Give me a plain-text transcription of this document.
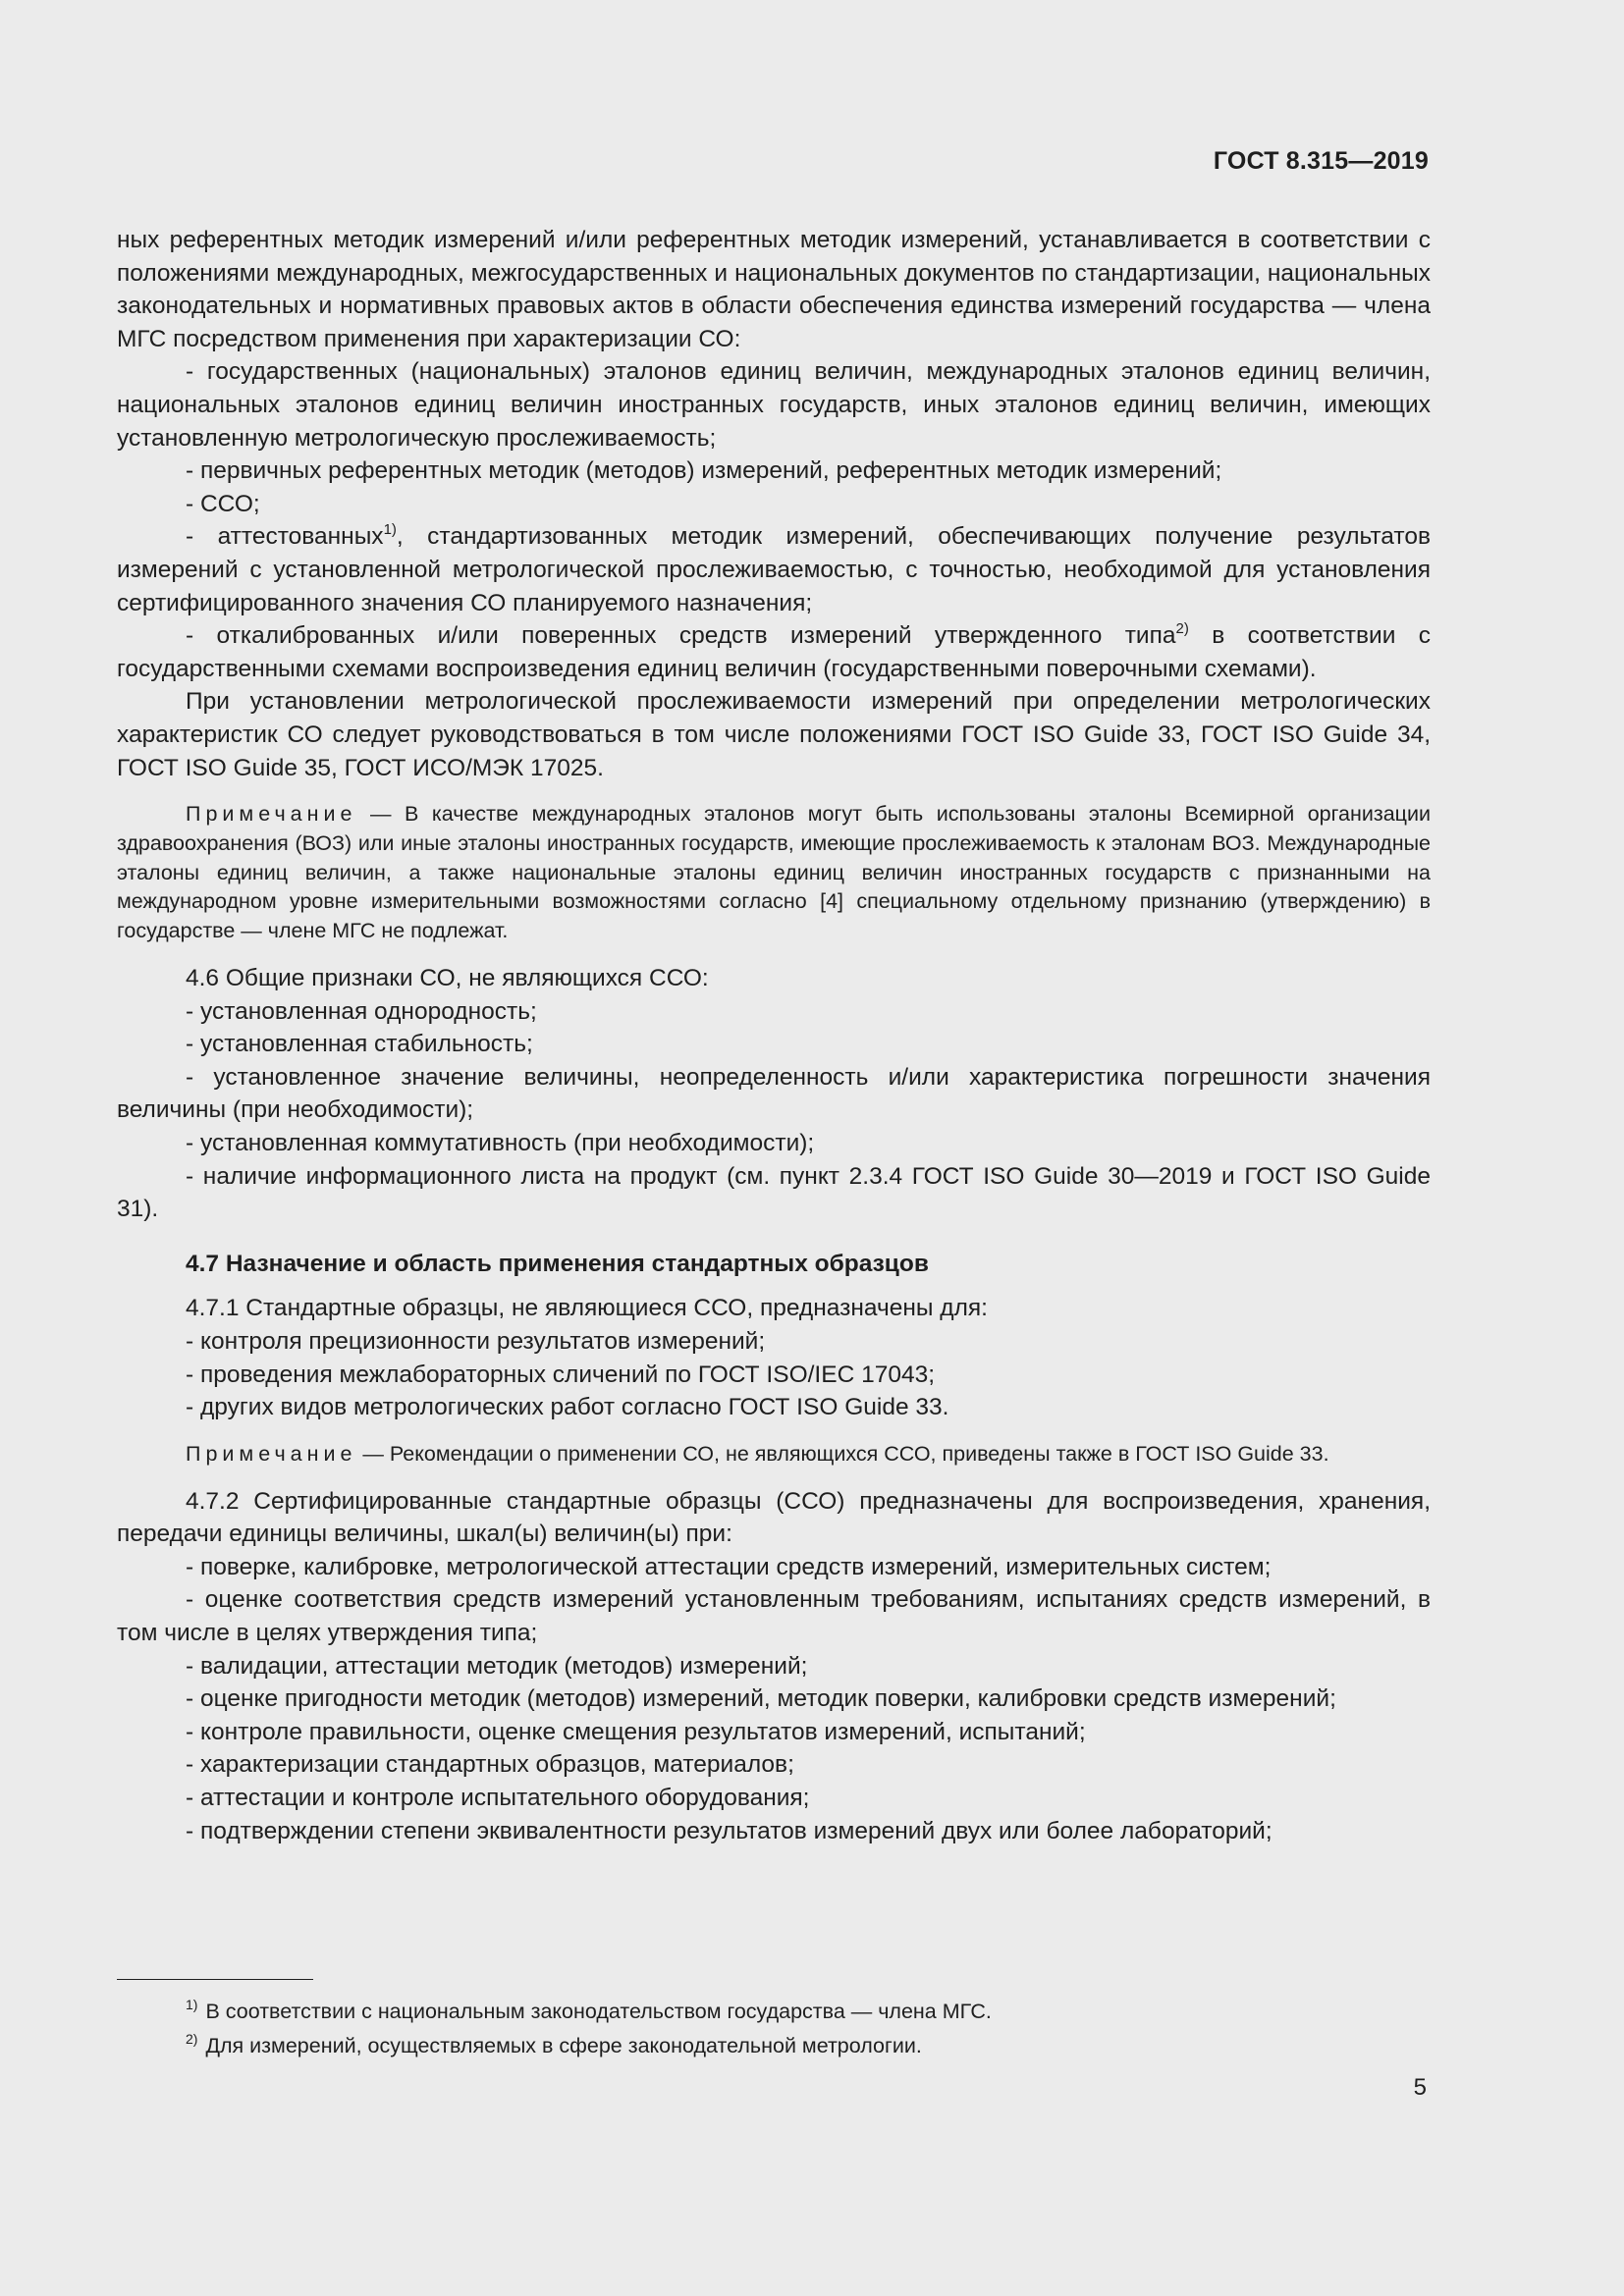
ГОСТ 8.315—2019

ных референтных методик измерений и/или референтных методик измерений, устанавливается в соответствии с положениями международных, межгосударственных и национальных документов по стандартизации, национальных законодательных и нормативных правовых актов в области обеспечения единства измерений государства — члена МГС посредством применения при характеризации СО:

- государственных (национальных) эталонов единиц величин, международных эталонов единиц величин, национальных эталонов единиц величин иностранных государств, иных эталонов единиц величин, имеющих установленную метрологическую прослеживаемость;

- первичных референтных методик (методов) измерений, референтных методик измерений;

- ССО;

- аттестованных$^{1)}$, стандартизованных методик измерений, обеспечивающих получение результатов измерений с установленной метрологической прослеживаемостью, с точностью, необходимой для установления сертифицированного значения СО планируемого назначения;

- откалиброванных и/или поверенных средств измерений утвержденного типа$^{2)}$ в соответствии с государственными схемами воспроизведения единиц величин (государственными поверочными схемами).

При установлении метрологической прослеживаемости измерений при определении метрологических характеристик СО следует руководствоваться в том числе положениями ГОСТ ISO Guide 33, ГОСТ ISO Guide 34, ГОСТ ISO Guide 35, ГОСТ ИСО/МЭК 17025.

Примечание — В качестве международных эталонов могут быть использованы эталоны Всемирной организации здравоохранения (ВОЗ) или иные эталоны иностранных государств, имеющие прослеживаемость к эталонам ВОЗ. Международные эталоны единиц величин, а также национальные эталоны единиц величин иностранных государств с признанными на международном уровне измерительными возможностями согласно [4] специальному отдельному признанию (утверждению) в государстве — члене МГС не подлежат.

4.6 Общие признаки СО, не являющихся ССО:

- установленная однородность;

- установленная стабильность;

- установленное значение величины, неопределенность и/или характеристика погрешности значения величины (при необходимости);

- установленная коммутативность (при необходимости);

- наличие информационного листа на продукт (см. пункт 2.3.4 ГОСТ ISO Guide 30—2019 и ГОСТ ISO Guide 31).

4.7 Назначение и область применения стандартных образцов

4.7.1 Стандартные образцы, не являющиеся ССО, предназначены для:

- контроля прецизионности результатов измерений;

- проведения межлабораторных сличений по ГОСТ ISO/IEC 17043;

- других видов метрологических работ согласно ГОСТ ISO Guide 33.

Примечание — Рекомендации о применении СО, не являющихся ССО, приведены также в ГОСТ ISO Guide 33.

4.7.2 Сертифицированные стандартные образцы (ССО) предназначены для воспроизведения, хранения, передачи единицы величины, шкал(ы) величин(ы) при:

- поверке, калибровке, метрологической аттестации средств измерений, измерительных систем;

- оценке соответствия средств измерений установленным требованиям, испытаниях средств измерений, в том числе в целях утверждения типа;

- валидации, аттестации методик (методов) измерений;

- оценке пригодности методик (методов) измерений, методик поверки, калибровки средств измерений;

- контроле правильности, оценке смещения результатов измерений, испытаний;

- характеризации стандартных образцов, материалов;

- аттестации и контроле испытательного оборудования;

- подтверждении степени эквивалентности результатов измерений двух или более лабораторий;

$^{1)}$ В соответствии с национальным законодательством государства — члена МГС.

$^{2)}$ Для измерений, осуществляемых в сфере законодательной метрологии.

5
